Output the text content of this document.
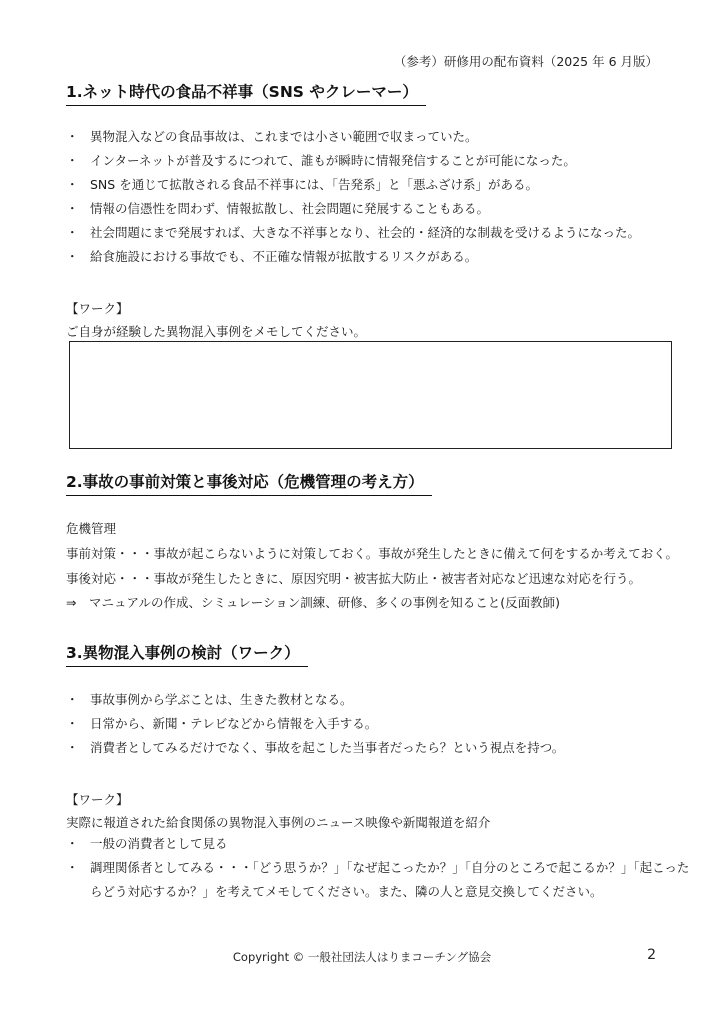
（参考）研修用の配布資料（2025 年 6 月版）
1.ネット時代の食品不祥事（SNS やクレーマー）
・ 異物混入などの食品事故は、これまでは小さい範囲で収まっていた。
・ インターネットが普及するにつれて、誰もが瞬時に情報発信することが可能になった。
・ SNS を通じて拡散される食品不祥事には、「告発系」と「悪ふざけ系」がある。
・ 情報の信憑性を問わず、情報拡散し、社会問題に発展することもある。
・ 社会問題にまで発展すれば、大きな不祥事となり、社会的・経済的な制裁を受けるようになった。
・ 給食施設における事故でも、不正確な情報が拡散するリスクがある。
【ワーク】
ご自身が経験した異物混入事例をメモしてください。
2.事故の事前対策と事後対応（危機管理の考え方）
危機管理
事前対策・・・事故が起こらないように対策しておく。事故が発生したときに備えて何をするか考えておく。
事後対応・・・事故が発生したときに、原因究明・被害拡大防止・被害者対応など迅速な対応を行う。
⇒　マニュアルの作成、シミュレーション訓練、研修、多くの事例を知ること(反面教師)
3.異物混入事例の検討（ワーク）
・ 事故事例から学ぶことは、生きた教材となる。
・ 日常から、新聞・テレビなどから情報を入手する。
・ 消費者としてみるだけでなく、事故を起こした当事者だったら？という視点を持つ。
【ワーク】
実際に報道された給食関係の異物混入事例のニュース映像や新聞報道を紹介
・ 一般の消費者として見る
・ 調理関係者としてみる・・・「どう思うか？」「なぜ起こったか？」「自分のところで起こるか？」「起こった
らどう対応するか？」を考えてメモしてください。また、隣の人と意見交換してください。
Copyright © 一般社団法人はりまコーチング協会	2
